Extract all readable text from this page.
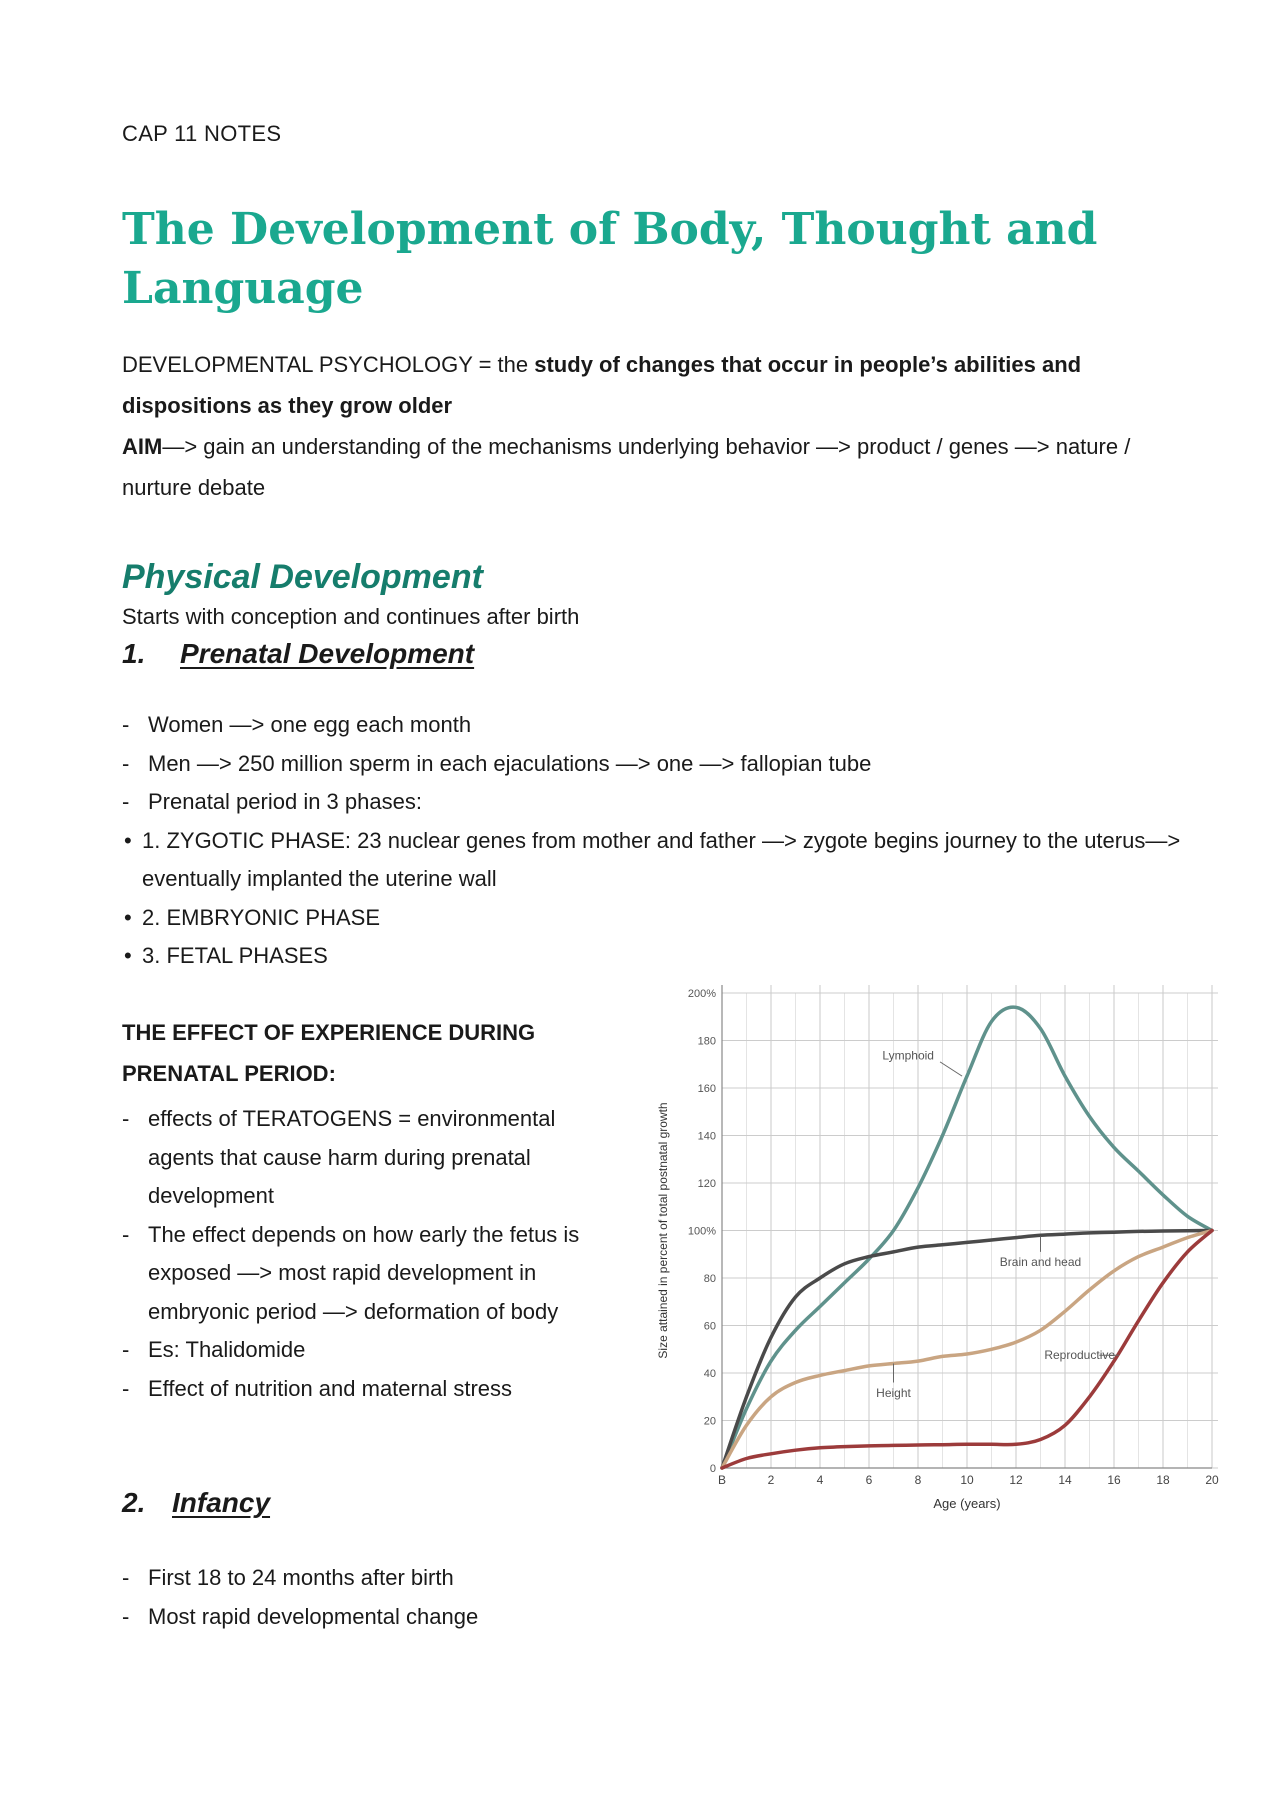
CAP 11 NOTES
The Development of Body, Thought and Language

DEVELOPMENTAL PSYCHOLOGY = the study of changes that occur in people’s abilities and dispositions as they grow older

AIM—> gain an understanding of the mechanisms underlying behavior —> product / genes —> nature / nurture debate

Physical Development
Starts with conception and continues after birth
1. Prenatal Development
- Women —> one egg each month
- Men —> 250 million sperm in each ejaculations —> one —> fallopian tube
- Prenatal period in 3 phases:
• 1. ZYGOTIC PHASE: 23 nuclear genes from mother and father —> zygote begins journey to the uterus—> eventually implanted the uterine wall
• 2. EMBRYONIC PHASE
• 3. FETAL PHASES

THE EFFECT OF EXPERIENCE DURING PRENATAL PERIOD:

- effects of TERATOGENS = environmental agents that cause harm during prenatal development
- The effect depends on how early the fetus is exposed —> most rapid development in embryonic period —> deformation of body
- Es: Thalidomide
- Effect of nutrition and maternal stress
0
20
40
60
80
100%
120
140
160
180
200%
B	2	4	6	8	10	12	14	16	18	20
Age (years)
Size attained in percent of total postnatal growth
Lymphoid
Brain and head
Height
Reproductive
2. Infancy
- First 18 to 24 months after birth
- Most rapid developmental change
